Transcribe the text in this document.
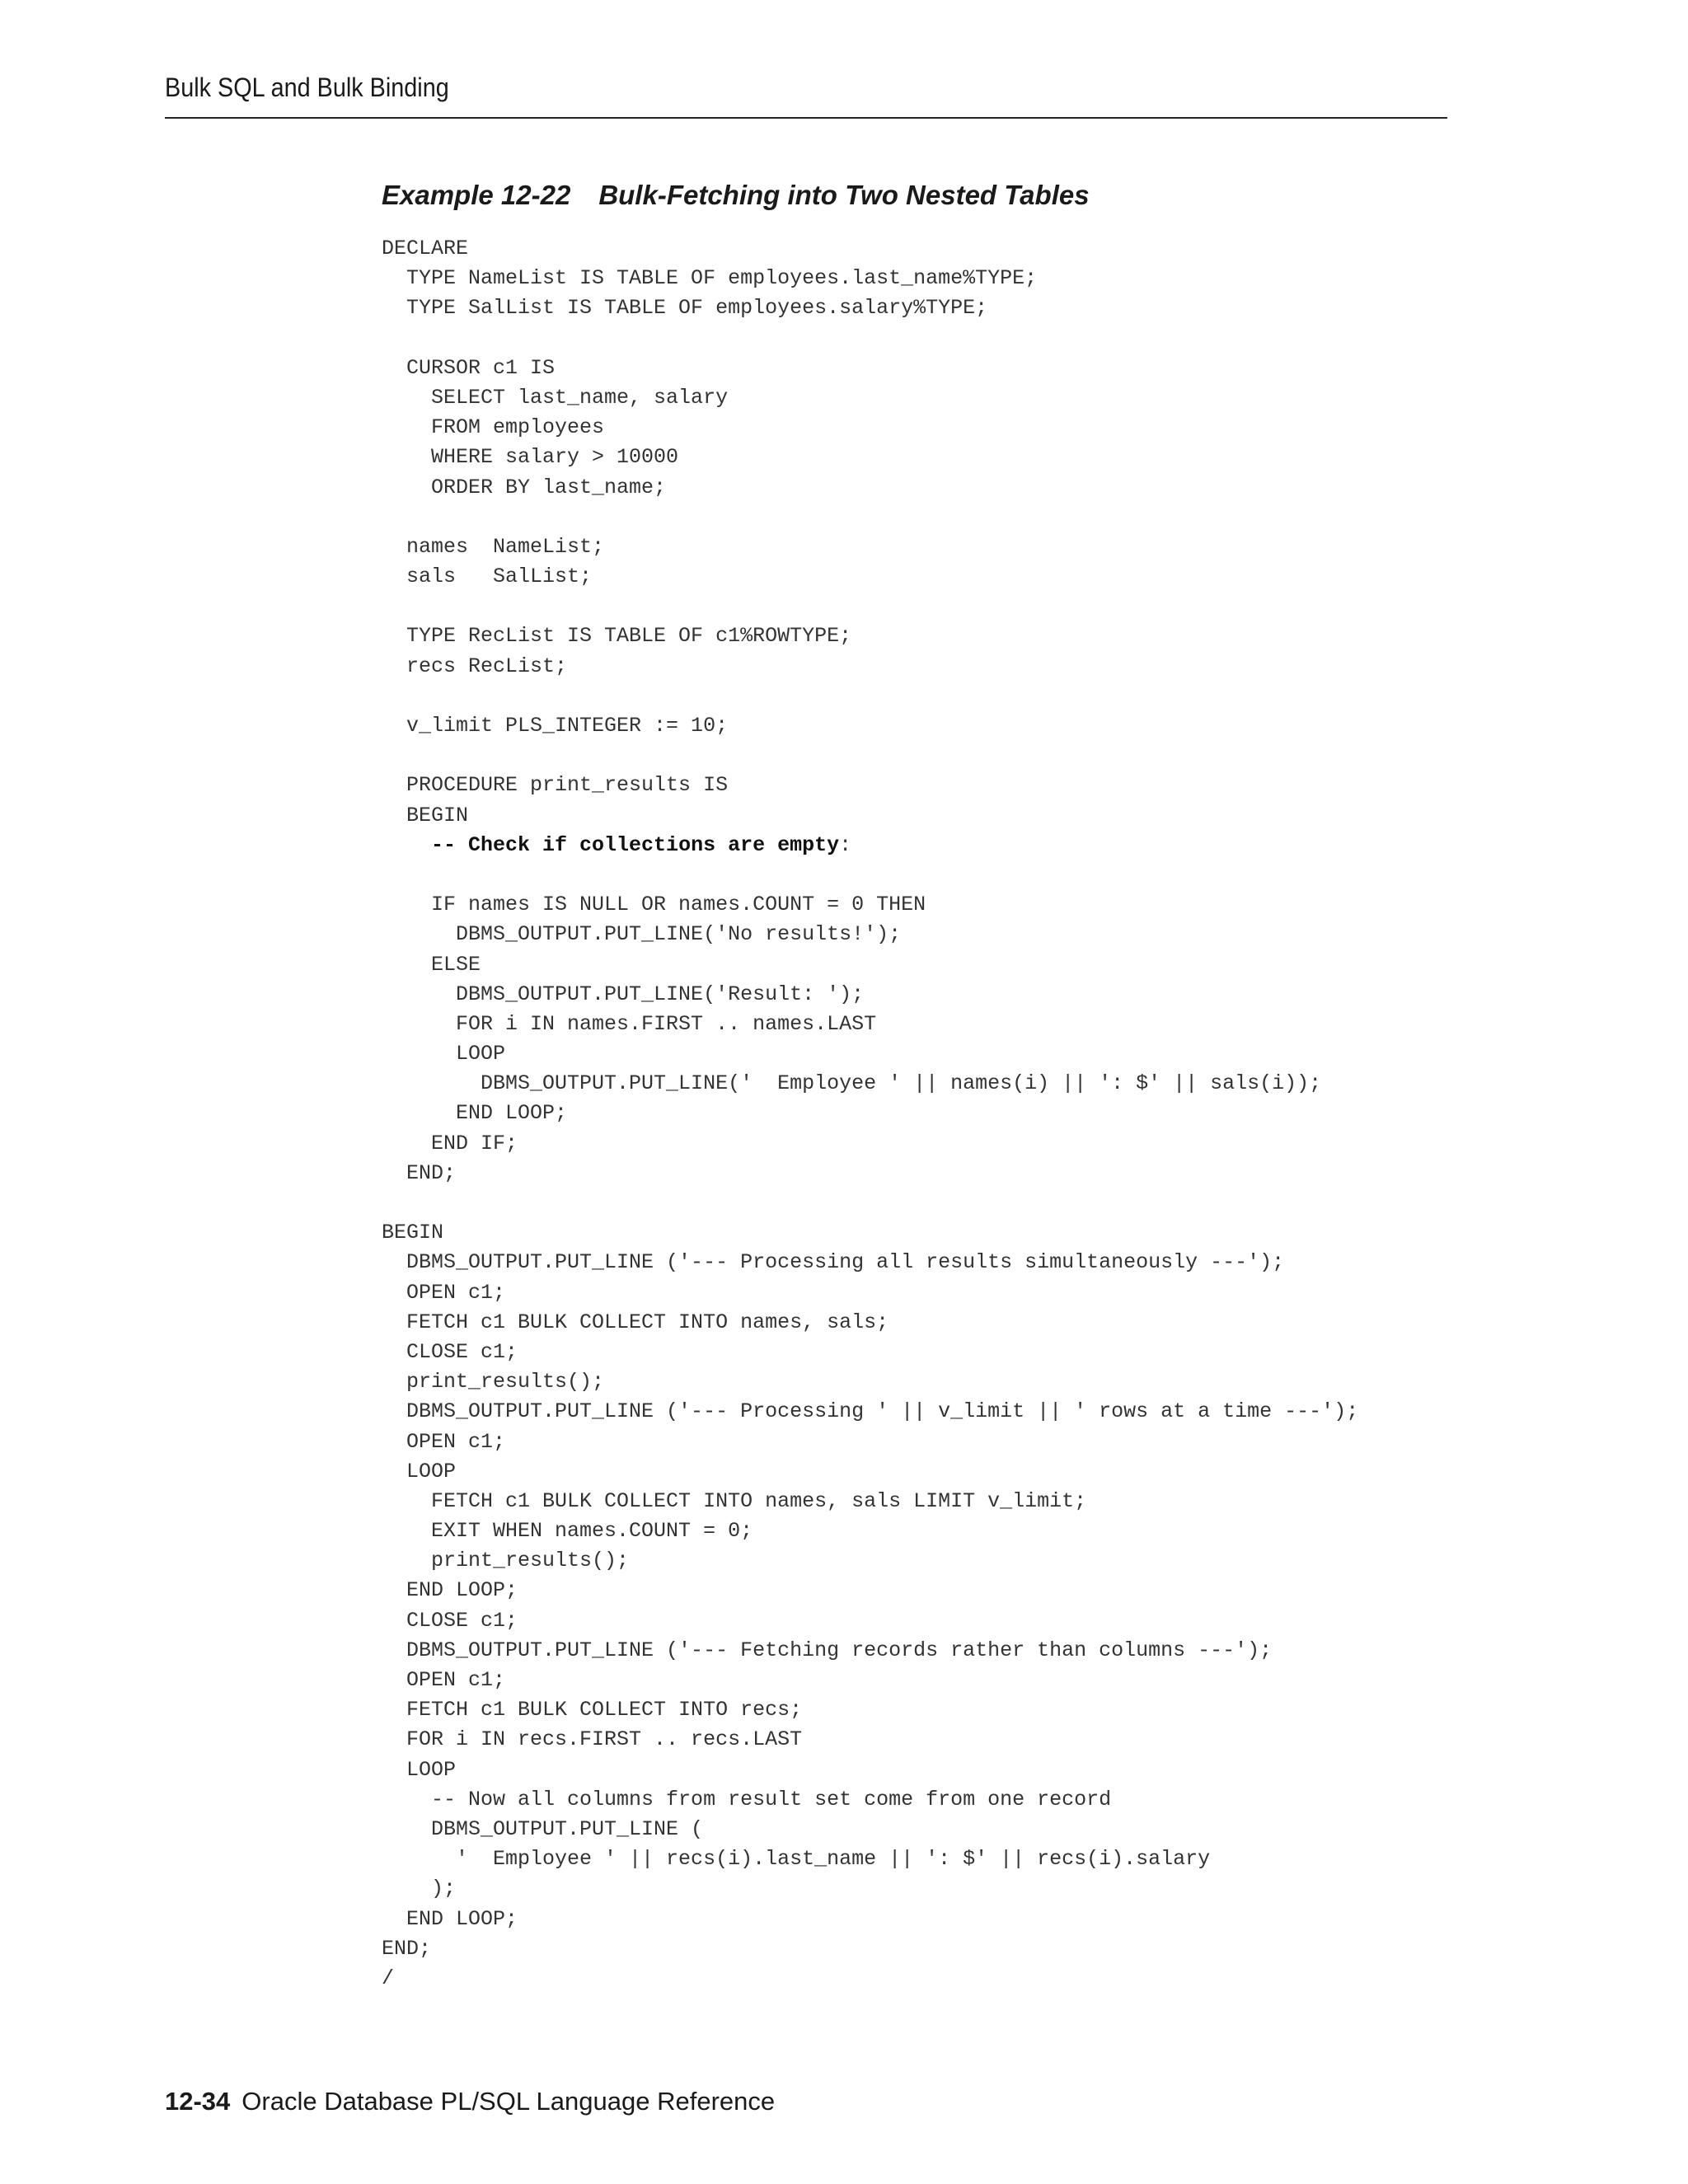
Bulk SQL and Bulk Binding
Example 12-22 Bulk-Fetching into Two Nested Tables
DECLARE
TYPE NameList IS TABLE OF employees.last_name%TYPE;
TYPE SalList IS TABLE OF employees.salary%TYPE;
CURSOR c1 IS
SELECT last_name, salary
FROM employees
WHERE salary > 10000
ORDER BY last_name;
names  NameList;
sals   SalList;
TYPE RecList IS TABLE OF c1%ROWTYPE;
recs RecList;
v_limit PLS_INTEGER := 10;
PROCEDURE print_results IS
BEGIN
-- Check if collections are empty:
IF names IS NULL OR names.COUNT = 0 THEN
DBMS_OUTPUT.PUT_LINE('No results!');
ELSE
DBMS_OUTPUT.PUT_LINE('Result: ');
FOR i IN names.FIRST .. names.LAST
LOOP
DBMS_OUTPUT.PUT_LINE('  Employee ' || names(i) || ': $' || sals(i));
END LOOP;
END IF;
END;
BEGIN
DBMS_OUTPUT.PUT_LINE ('--- Processing all results simultaneously ---');
OPEN c1;
FETCH c1 BULK COLLECT INTO names, sals;
CLOSE c1;
print_results();
DBMS_OUTPUT.PUT_LINE ('--- Processing ' || v_limit || ' rows at a time ---');
OPEN c1;
LOOP
FETCH c1 BULK COLLECT INTO names, sals LIMIT v_limit;
EXIT WHEN names.COUNT = 0;
print_results();
END LOOP;
CLOSE c1;
DBMS_OUTPUT.PUT_LINE ('--- Fetching records rather than columns ---');
OPEN c1;
FETCH c1 BULK COLLECT INTO recs;
FOR i IN recs.FIRST .. recs.LAST
LOOP
-- Now all columns from result set come from one record
DBMS_OUTPUT.PUT_LINE (
'  Employee ' || recs(i).last_name || ': $' || recs(i).salary
);
END LOOP;
END;
/
12-34 Oracle Database PL/SQL Language Reference
